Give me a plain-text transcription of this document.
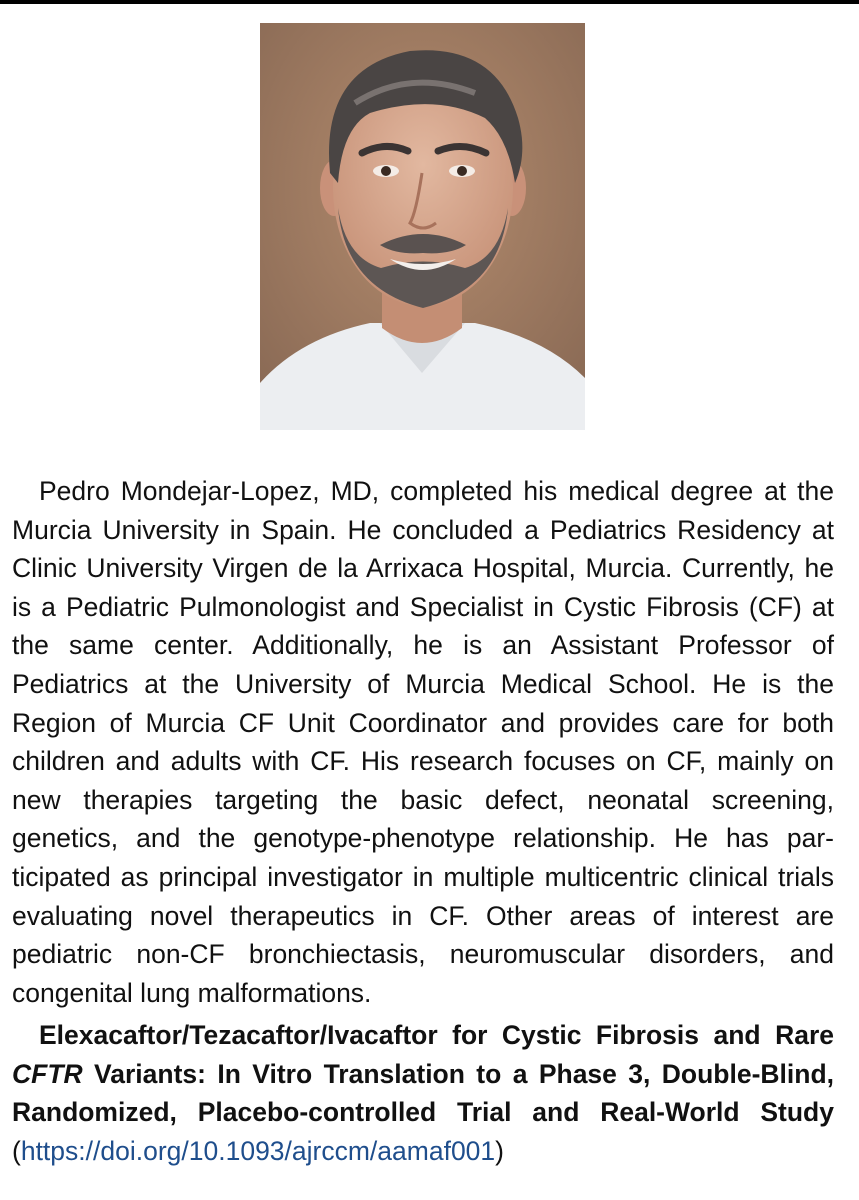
Pedro Mondejar-Lopez, MD, completed his medical degree at the Murcia University in Spain. He concluded a Pediatrics Residency at Clinic University Virgen de la Arrixaca Hospital, Murcia. Currently, he is a Pediatric Pulmonologist and Specialist in Cystic Fibrosis (CF) at the same center. Additionally, he is an Assistant Professor of Pediatrics at the University of Murcia Medical School. He is the Region of Murcia CF Unit Coordinator and provides care for both children and adults with CF. His research focuses on CF, mainly on new therapies targeting the basic defect, neonatal screening, genetics, and the genotype-phenotype relationship. He has participated as principal investigator in multiple multicentric clinical trials evaluating novel therapeutics in CF. Other areas of interest are pediatric non-CF bronchiectasis, neuromuscular disorders, and congenital lung malformations.

Elexacaftor/Tezacaftor/Ivacaftor for Cystic Fibrosis and Rare CFTR Variants: In Vitro Translation to a Phase 3, Double-Blind, Randomized, Placebo-controlled Trial and Real-World Study (https://doi.org/10.1093/ajrccm/aamaf001)
